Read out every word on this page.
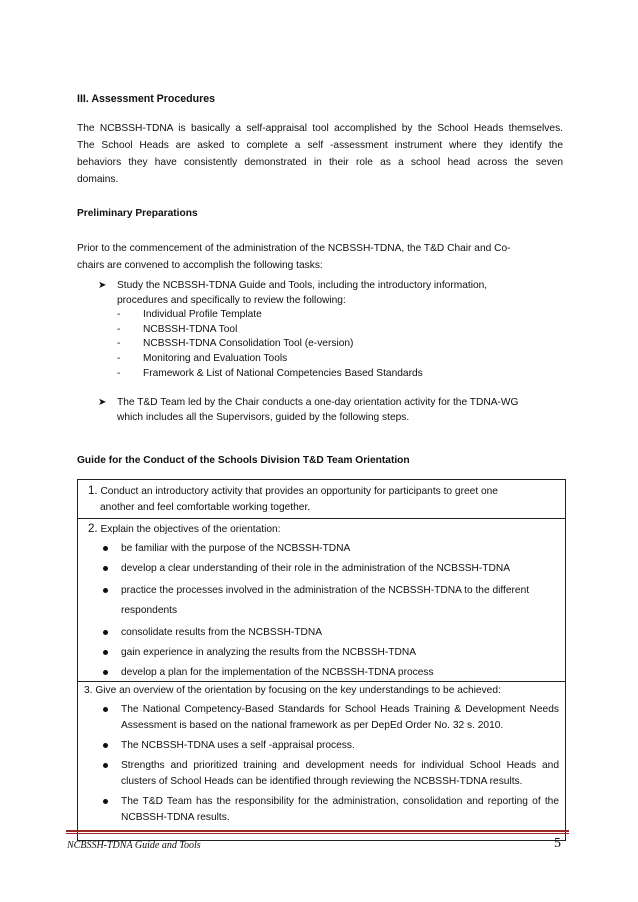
III. Assessment Procedures
The NCBSSH-TDNA is basically a self-appraisal tool accomplished by the School Heads themselves.
The School Heads are asked to complete a self -assessment instrument where they identify the
behaviors they have consistently demonstrated in their role as a school head across the seven
domains.
Preliminary Preparations
Prior to the commencement of the administration of the NCBSSH-TDNA, the T&D Chair and Co-
chairs are convened to accomplish the following tasks:
➤ Study the NCBSSH-TDNA Guide and Tools, including the introductory information,
procedures and specifically to review the following:
- Individual Profile Template
- NCBSSH-TDNA Tool
- NCBSSH-TDNA Consolidation Tool (e-version)
- Monitoring and Evaluation Tools
- Framework & List of National Competencies Based Standards
➤ The T&D Team led by the Chair conducts a one-day orientation activity for the TDNA-WG
which includes all the Supervisors, guided by the following steps.
Guide for the Conduct of the Schools Division T&D Team Orientation
1. Conduct an introductory activity that provides an opportunity for participants to greet one
another and feel comfortable working together.
2. Explain the objectives of the orientation:
be familiar with the purpose of the NCBSSH-TDNA
develop a clear understanding of their role in the administration of the NCBSSH-TDNA
practice the processes involved in the administration of the NCBSSH-TDNA to the different respondents
consolidate results from the NCBSSH-TDNA
gain experience in analyzing the results from the NCBSSH-TDNA
develop a plan for the implementation of the NCBSSH-TDNA process
3. Give an overview of the orientation by focusing on the key understandings to be achieved:
The National Competency-Based Standards for School Heads Training & Development Needs Assessment is based on the national framework as per DepEd Order No. 32 s. 2010.
The NCBSSH-TDNA uses a self -appraisal process.
Strengths and prioritized training and development needs for individual School Heads and clusters of School Heads can be identified through reviewing the NCBSSH-TDNA results.
The T&D Team has the responsibility for the administration, consolidation and reporting of the NCBSSH-TDNA results.
NCBSSH-TDNA Guide and Tools	5
